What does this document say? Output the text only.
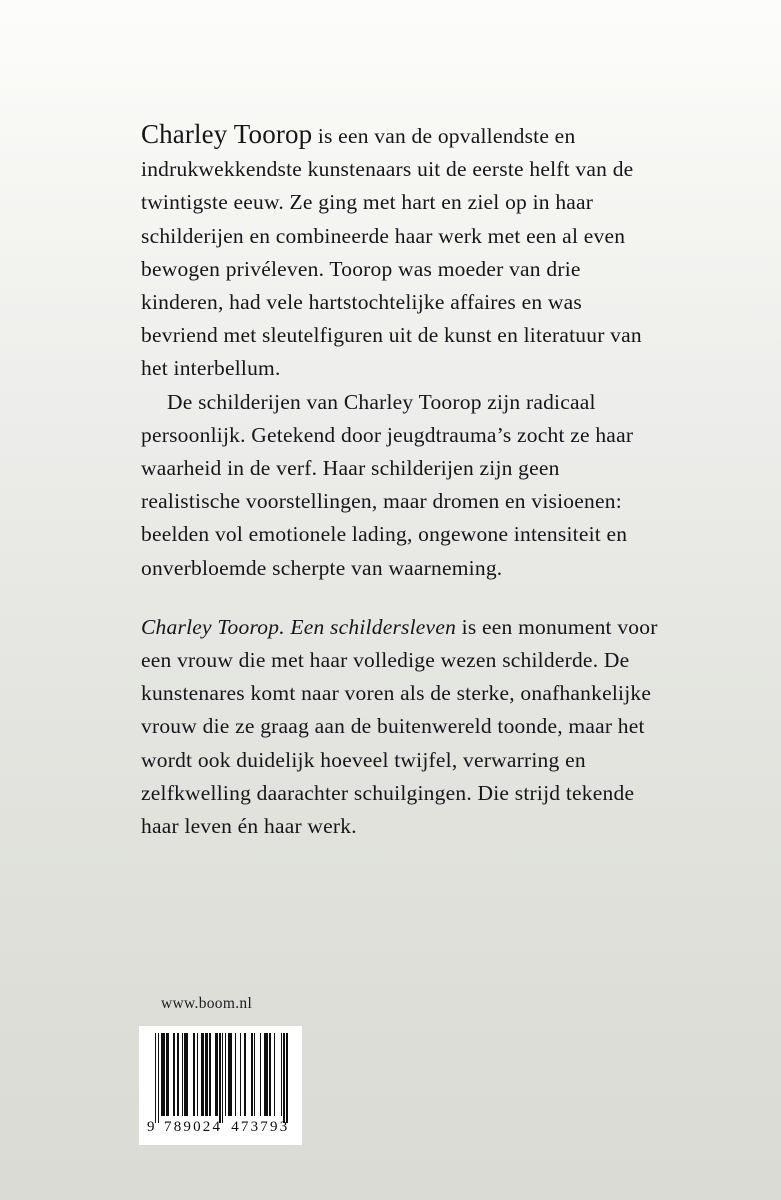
Charley Toorop is een van de opvallendste en indrukwekkendste kunstenaars uit de eerste helft van de twintigste eeuw. Ze ging met hart en ziel op in haar schilderijen en combineerde haar werk met een al even bewogen privéleven. Toorop was moeder van drie kinderen, had vele hartstochtelijke affaires en was bevriend met sleutelfiguren uit de kunst en literatuur van het interbellum.

De schilderijen van Charley Toorop zijn radicaal persoonlijk. Getekend door jeugdtrauma’s zocht ze haar waarheid in de verf. Haar schilderijen zijn geen realistische voorstellingen, maar dromen en visioenen: beelden vol emotionele lading, ongewone intensiteit en onverbloemde scherpte van waarneming.

Charley Toorop. Een schildersleven is een monument voor een vrouw die met haar volledige wezen schilderde. De kunstenares komt naar voren als de sterke, onafhankelijke vrouw die ze graag aan de buitenwereld toonde, maar het wordt ook duidelijk hoeveel twijfel, verwarring en zelfkwelling daarachter schuilgingen. Die strijd tekende haar leven én haar werk.

www.boom.nl
9 789024 473793
